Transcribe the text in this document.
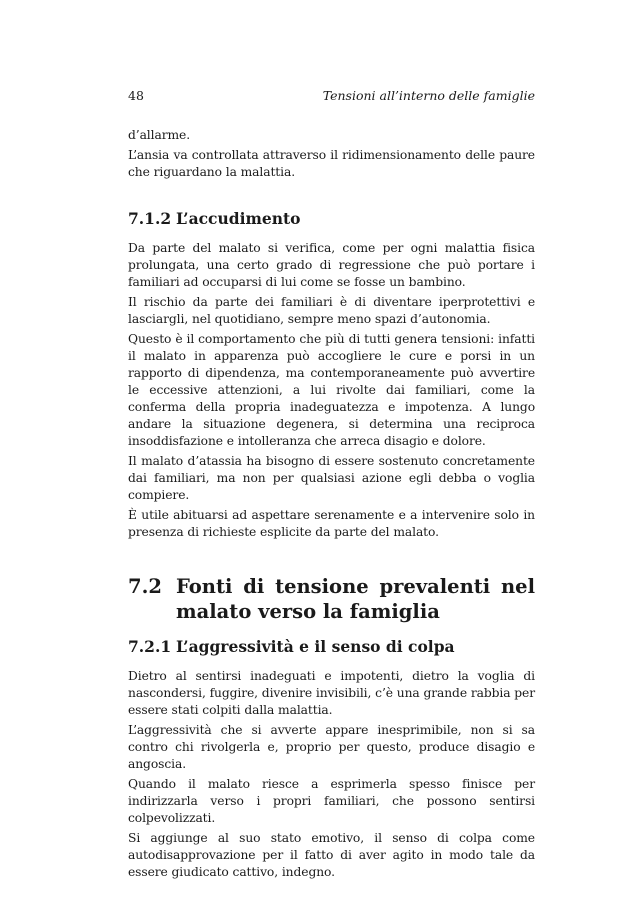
48	Tensioni all’interno delle famiglie

d’allarme.

L’ansia va controllata attraverso il ridimensionamento delle paure che riguardano la malattia.

7.1.2 L’accudimento

Da parte del malato si verifica, come per ogni malattia fisica prolungata, una certo grado di regressione che può portare i familiari ad occuparsi di lui come se fosse un bambino.

Il rischio da parte dei familiari è di diventare iperprotettivi e lasciargli, nel quotidiano, sempre meno spazi d’autonomia.

Questo è il comportamento che più di tutti genera tensioni: infatti il malato in apparenza può accogliere le cure e porsi in un rapporto di dipendenza, ma contemporaneamente può avvertire le eccessive attenzioni, a lui rivolte dai familiari, come la conferma della propria inadeguatezza e impotenza. A lungo andare la situazione degenera, si determina una reciproca insoddisfazione e intolleranza che arreca disagio e dolore.

Il malato d’atassia ha bisogno di essere sostenuto concretamente dai familiari, ma non per qualsiasi azione egli debba o voglia compiere.

È utile abituarsi ad aspettare serenamente e a intervenire solo in presenza di richieste esplicite da parte del malato.

7.2 Fonti di tensione prevalenti nel malato verso la famiglia
7.2.1 L’aggressività e il senso di colpa

Dietro al sentirsi inadeguati e impotenti, dietro la voglia di nascondersi, fuggire, divenire invisibili, c’è una grande rabbia per essere stati colpiti dalla malattia.

L’aggressività che si avverte appare inesprimibile, non si sa contro chi rivolgerla e, proprio per questo, produce disagio e angoscia.

Quando il malato riesce a esprimerla spesso finisce per indirizzarla verso i propri familiari, che possono sentirsi colpevolizzati.

Si aggiunge al suo stato emotivo, il senso di colpa come autodisapprovazione per il fatto di aver agito in modo tale da essere giudicato cattivo, indegno.
